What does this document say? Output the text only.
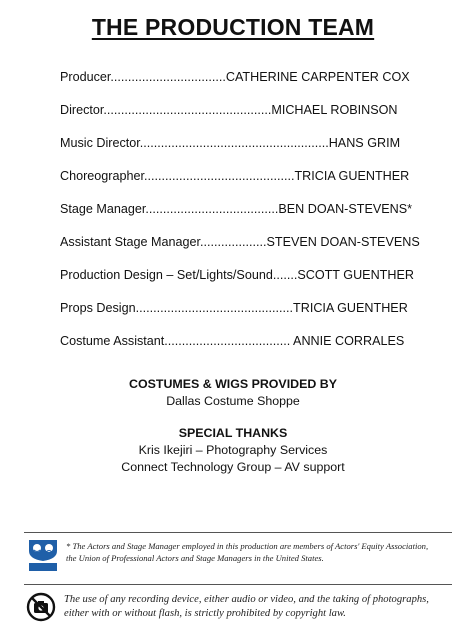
THE PRODUCTION TEAM
Producer.................................CATHERINE CARPENTER COX
Director................................................MICHAEL ROBINSON
Music Director......................................................HANS GRIM
Choreographer...........................................TRICIA GUENTHER
Stage Manager......................................BEN DOAN-STEVENS*
Assistant Stage Manager...................STEVEN DOAN-STEVENS
Production Design – Set/Lights/Sound.......SCOTT GUENTHER
Props Design.............................................TRICIA GUENTHER
Costume Assistant.................................... ANNIE CORRALES
COSTUMES & WIGS PROVIDED BY
Dallas Costume Shoppe
SPECIAL THANKS
Kris Ikejiri – Photography Services
Connect Technology Group – AV support
* The Actors and Stage Manager employed in this production are members of Actors' Equity Association,
the Union of Professional Actors and Stage Managers in the United States.
The use of any recording device, either audio or video, and the taking of photographs,
either with or without flash, is strictly prohibited by copyright law.
